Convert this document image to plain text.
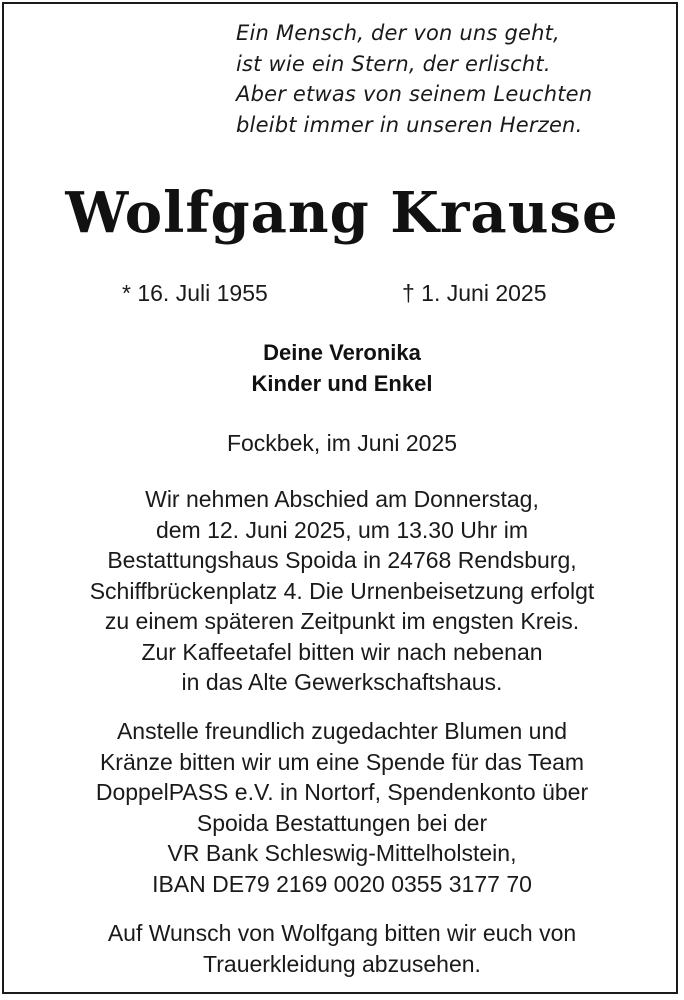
Ein Mensch, der von uns geht,
ist wie ein Stern, der erlischt.
Aber etwas von seinem Leuchten
bleibt immer in unseren Herzen.
Wolfgang Krause
* 16. Juli 1955	† 1. Juni 2025
Deine Veronika
Kinder und Enkel
Fockbek, im Juni 2025
Wir nehmen Abschied am Donnerstag,
dem 12. Juni 2025, um 13.30 Uhr im
Bestattungshaus Spoida in 24768 Rendsburg,
Schiffbrückenplatz 4. Die Urnenbeisetzung erfolgt
zu einem späteren Zeitpunkt im engsten Kreis.
Zur Kaffeetafel bitten wir nach nebenan
in das Alte Gewerkschaftshaus.
Anstelle freundlich zugedachter Blumen und
Kränze bitten wir um eine Spende für das Team
DoppelPASS e.V. in Nortorf, Spendenkonto über
Spoida Bestattungen bei der
VR Bank Schleswig-Mittelholstein,
IBAN DE79 2169 0020 0355 3177 70
Auf Wunsch von Wolfgang bitten wir euch von
Trauerkleidung abzusehen.
